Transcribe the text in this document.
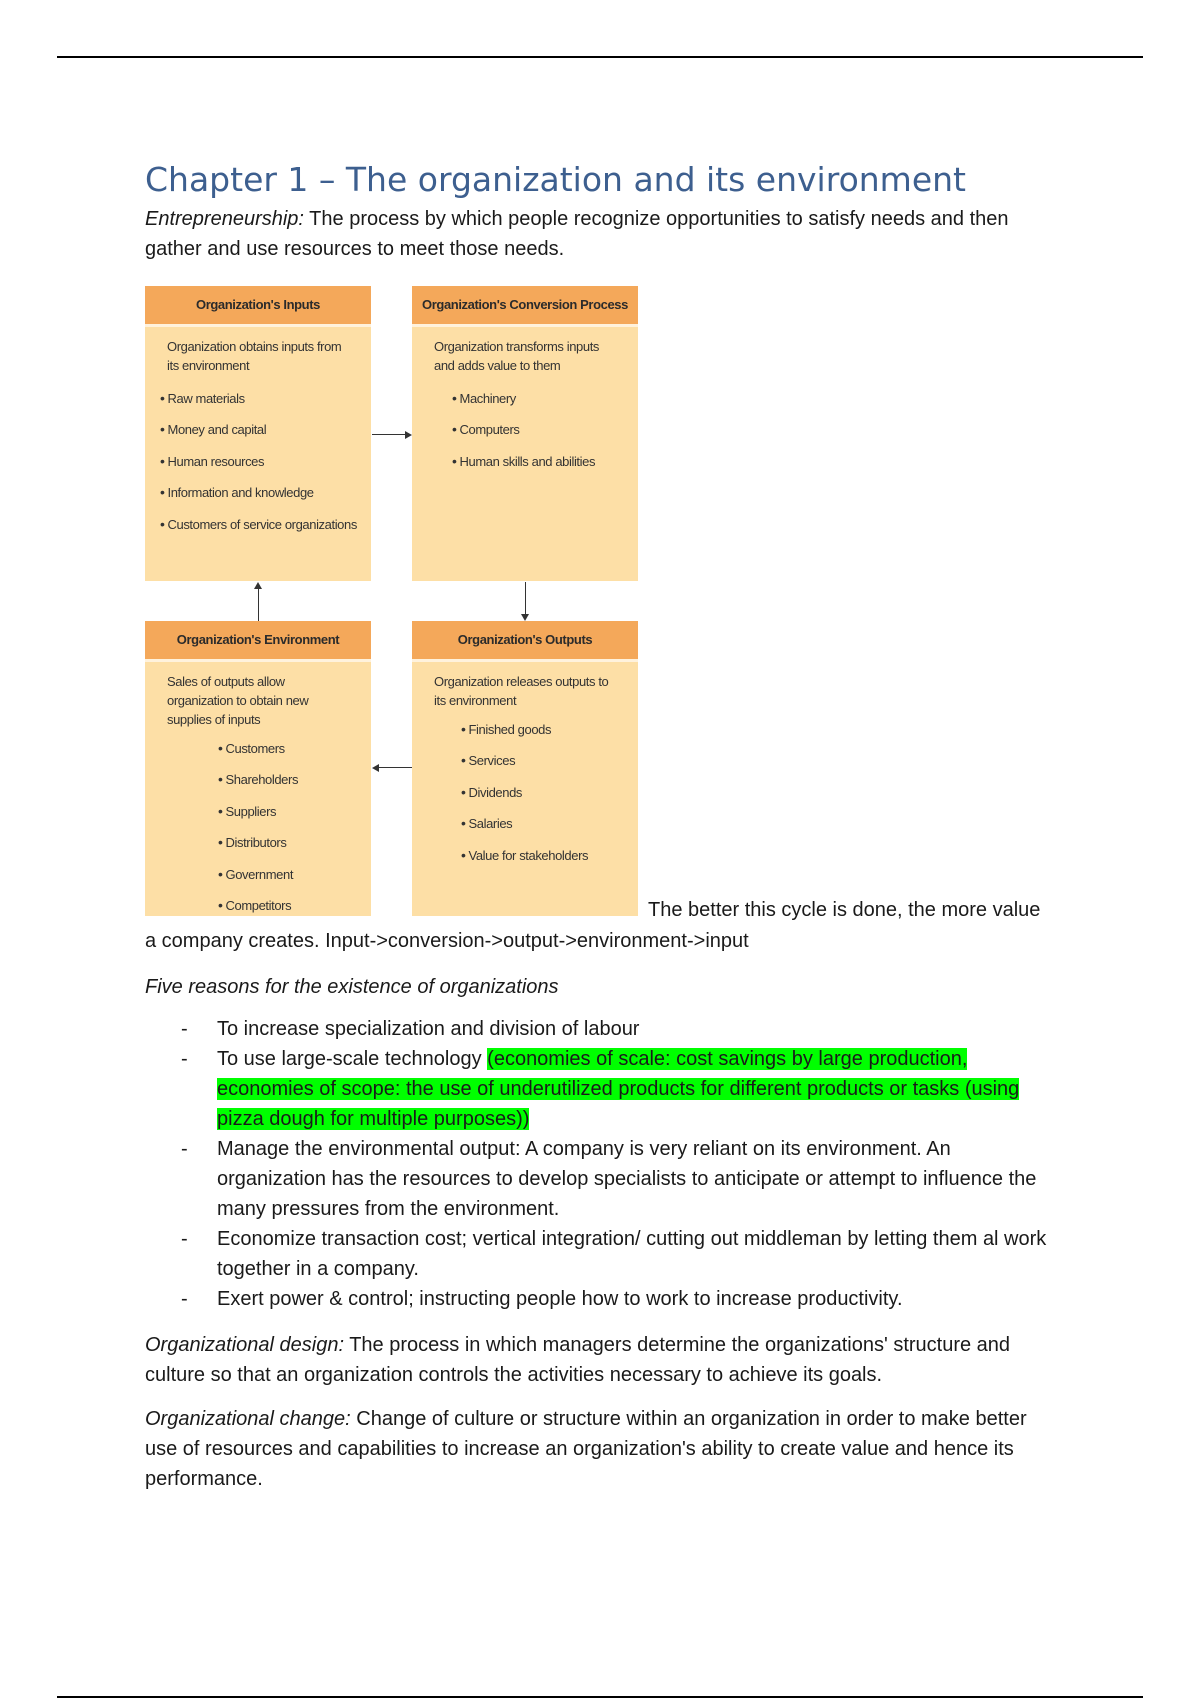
Chapter 1 – The organization and its environment

Entrepreneurship: The process by which people recognize opportunities to satisfy needs and then gather and use resources to meet those needs.

Organization's Inputs
Organization obtains inputs from its environment
• Raw materials
• Money and capital
• Human resources
• Information and knowledge
• Customers of service organizations
Organization's Conversion Process
Organization transforms inputs and adds value to them
• Machinery
• Computers
• Human skills and abilities
Organization's Environment
Sales of outputs allow organization to obtain new supplies of inputs
• Customers
• Shareholders
• Suppliers
• Distributors
• Government
• Competitors
Organization's Outputs
Organization releases outputs to its environment
• Finished goods
• Services
• Dividends
• Salaries
• Value for stakeholders
The better this cycle is done, the more value

a company creates. Input->conversion->output->environment->input

Five reasons for the existence of organizations

- To increase specialization and division of labour
- To use large-scale technology (economies of scale: cost savings by large production, economies of scope: the use of underutilized products for different products or tasks (using pizza dough for multiple purposes))
- Manage the environmental output: A company is very reliant on its environment. An organization has the resources to develop specialists to anticipate or attempt to influence the many pressures from the environment.
- Economize transaction cost; vertical integration/ cutting out middleman by letting them al work together in a company.
- Exert power & control; instructing people how to work to increase productivity.

Organizational design: The process in which managers determine the organizations' structure and culture so that an organization controls the activities necessary to achieve its goals.

Organizational change: Change of culture or structure within an organization in order to make better use of resources and capabilities to increase an organization's ability to create value and hence its performance.
